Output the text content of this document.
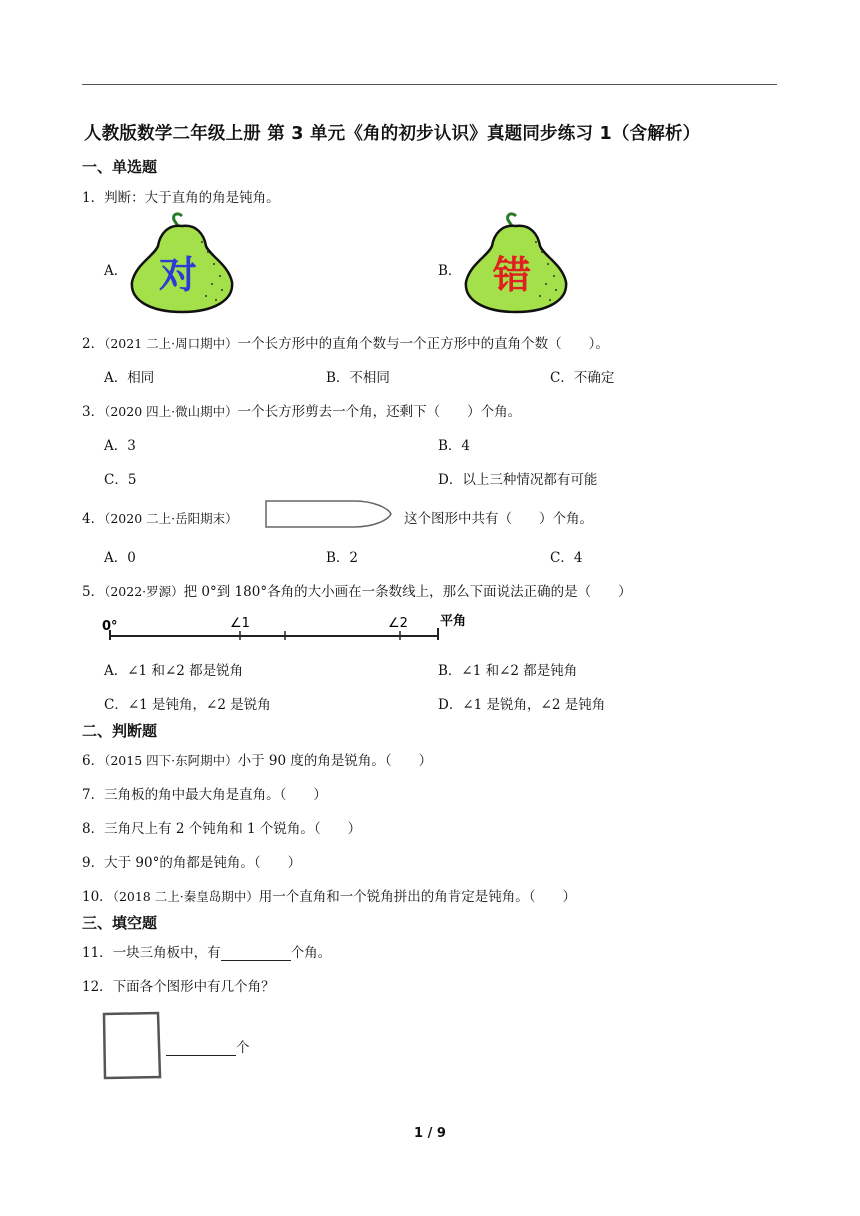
人教版数学二年级上册 第 3 单元《角的初步认识》真题同步练习 1（含解析）
一、单选题
1．判断：大于直角的角是钝角。
A． 对	B． 错
2．（2021 二上·周口期中）一个长方形中的直角个数与一个正方形中的直角个数（　　）。
A．相同	B．不相同	C．不确定
3．（2020 四上·微山期中）一个长方形剪去一个角，还剩下（　　）个角。
A．3	B．4
C．5	D．以上三种情况都有可能
4．（2020 二上·岳阳期末）	这个图形中共有（　　）个角。
A．0	B．2	C．4
5．（2022·罗源）把 0°到 180°各角的大小画在一条数线上，那么下面说法正确的是（　　）
0°	∠1	∠2 平角
A．∠1 和∠2 都是锐角	B．∠1 和∠2 都是钝角
C．∠1 是钝角，∠2 是锐角	D．∠1 是锐角，∠2 是钝角
二、判断题
6．（2015 四下·东阿期中）小于 90 度的角是锐角。（　　）
7．三角板的角中最大角是直角。（　　）
8．三角尺上有 2 个钝角和 1 个锐角。（　　）
9．大于 90°的角都是钝角。（　　）
10．（2018 二上·秦皇岛期中）用一个直角和一个锐角拼出的角肯定是钝角。（　　）
三、填空题
11．一块三角板中，有	个角。
12．下面各个图形中有几个角？
个
1 / 9
